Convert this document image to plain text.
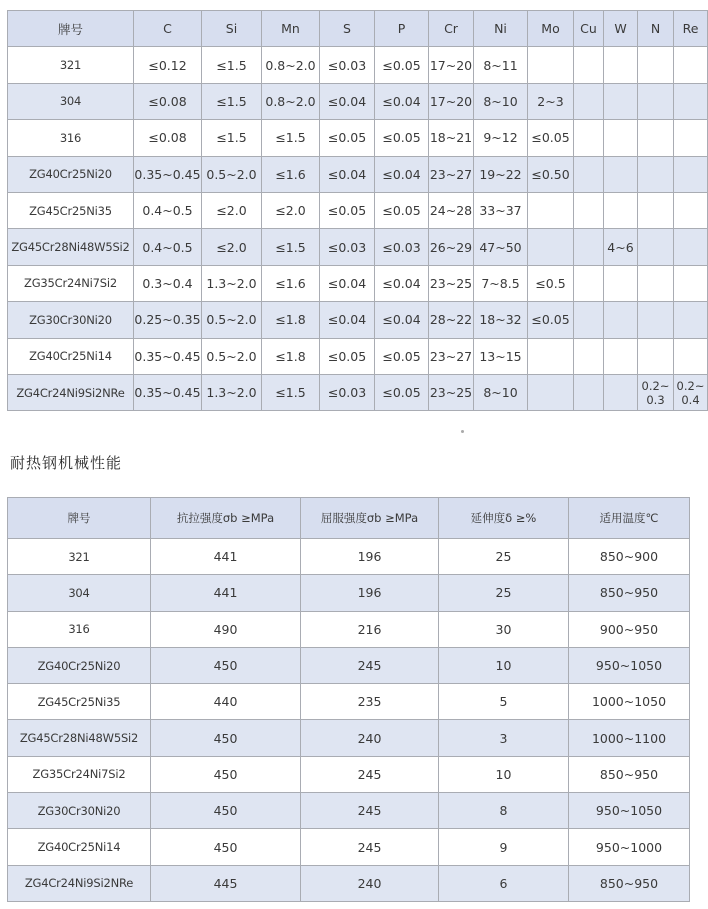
牌号	C	Si	Mn	S	P	Cr	Ni	Mo	Cu	W	N	Re
321	≤0.12	≤1.5	0.8~2.0	≤0.03	≤0.05	17~20	8~11					
304	≤0.08	≤1.5	0.8~2.0	≤0.04	≤0.04	17~20	8~10	2~3				
316	≤0.08	≤1.5	≤1.5	≤0.05	≤0.05	18~21	9~12	≤0.05				
ZG40Cr25Ni20	0.35~0.45	0.5~2.0	≤1.6	≤0.04	≤0.04	23~27	19~22	≤0.50				
ZG45Cr25Ni35	0.4~0.5	≤2.0	≤2.0	≤0.05	≤0.05	24~28	33~37					
ZG45Cr28Ni48W5Si2	0.4~0.5	≤2.0	≤1.5	≤0.03	≤0.03	26~29	47~50			4~6		
ZG35Cr24Ni7Si2	0.3~0.4	1.3~2.0	≤1.6	≤0.04	≤0.04	23~25	7~8.5	≤0.5				
ZG30Cr30Ni20	0.25~0.35	0.5~2.0	≤1.8	≤0.04	≤0.04	28~22	18~32	≤0.05				
ZG40Cr25Ni14	0.35~0.45	0.5~2.0	≤1.8	≤0.05	≤0.05	23~27	13~15					
ZG4Cr24Ni9Si2NRe	0.35~0.45	1.3~2.0	≤1.5	≤0.03	≤0.05	23~25	8~10				0.2~ 0.3	0.2~ 0.4
耐热钢机械性能
牌号	抗拉强度σb ≥MPa	屈服强度σb ≥MPa	延伸度δ ≥%	适用温度℃
321	441	196	25	850~900
304	441	196	25	850~950
316	490	216	30	900~950
ZG40Cr25Ni20	450	245	10	950~1050
ZG45Cr25Ni35	440	235	5	1000~1050
ZG45Cr28Ni48W5Si2	450	240	3	1000~1100
ZG35Cr24Ni7Si2	450	245	10	850~950
ZG30Cr30Ni20	450	245	8	950~1050
ZG40Cr25Ni14	450	245	9	950~1000
ZG4Cr24Ni9Si2NRe	445	240	6	850~950
